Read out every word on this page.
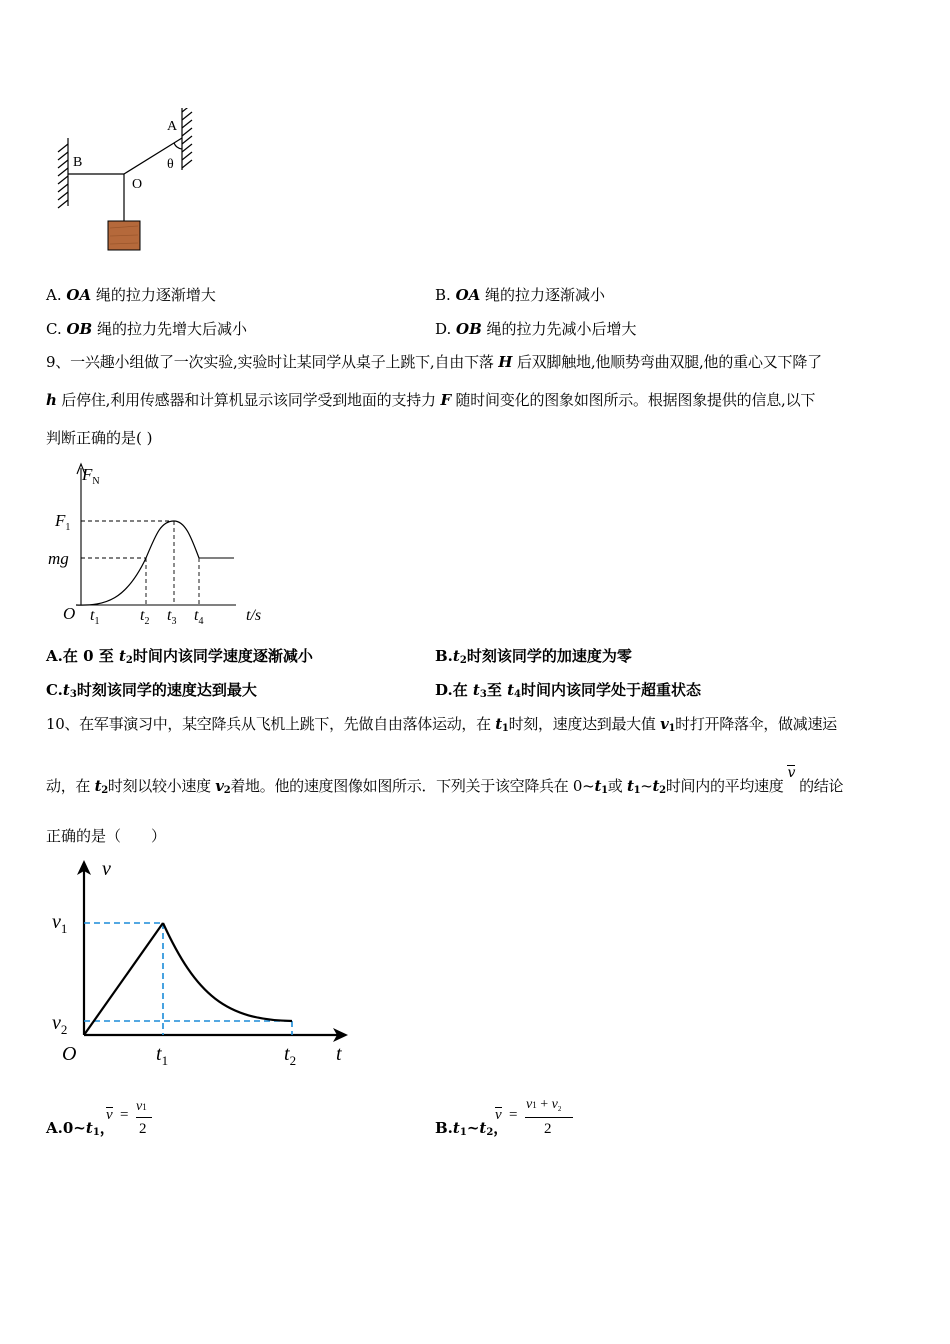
A
B
O
θ
A. OA 绳的拉力逐渐增大	B. OA 绳的拉力逐渐减小
C. OB 绳的拉力先增大后减小	D. OB 绳的拉力先减小后增大
9、一兴趣小组做了一次实验,实验时让某同学从桌子上跳下,自由下落 H 后双脚触地,他顺势弯曲双腿,他的重心又下降了
h 后停住,利用传感器和计算机显示该同学受到地面的支持力 F 随时间变化的图象如图所示。根据图象提供的信息,以下
判断正确的是( )
$F_N$
$F_1$
mg
O $t_1$	$t_2$ $t_3$ $t_4$	t/s
A.在 0 至 $t_2$时间内该同学速度逐渐减小	$B.t_2$时刻该同学的加速度为零
$C.t_3$时刻该同学的速度达到最大	D.在 $t_3$至 $t_4$时间内该同学处于超重状态
10、在军事演习中，某空降兵从飞机上跳下，先做自由落体运动，在 $t_1$时刻，速度达到最大值 $v_1$时打开降落伞，做减速运
动，在 $t_2$时刻以较小速度 $v_2$着地。他的速度图像如图所示．下列关于该空降兵在 $0\sim t_1$或 $t_1\sim t_2$时间内的平均速度v的结论
正确的是（　　）
v
$v_1$
$v_2$
O	$t_1$	$t_2$ t
$A.0\sim t_1$，
v =
v1
2	$B.t_1\sim t_2$，
v =
$v1 + v_2$
2
